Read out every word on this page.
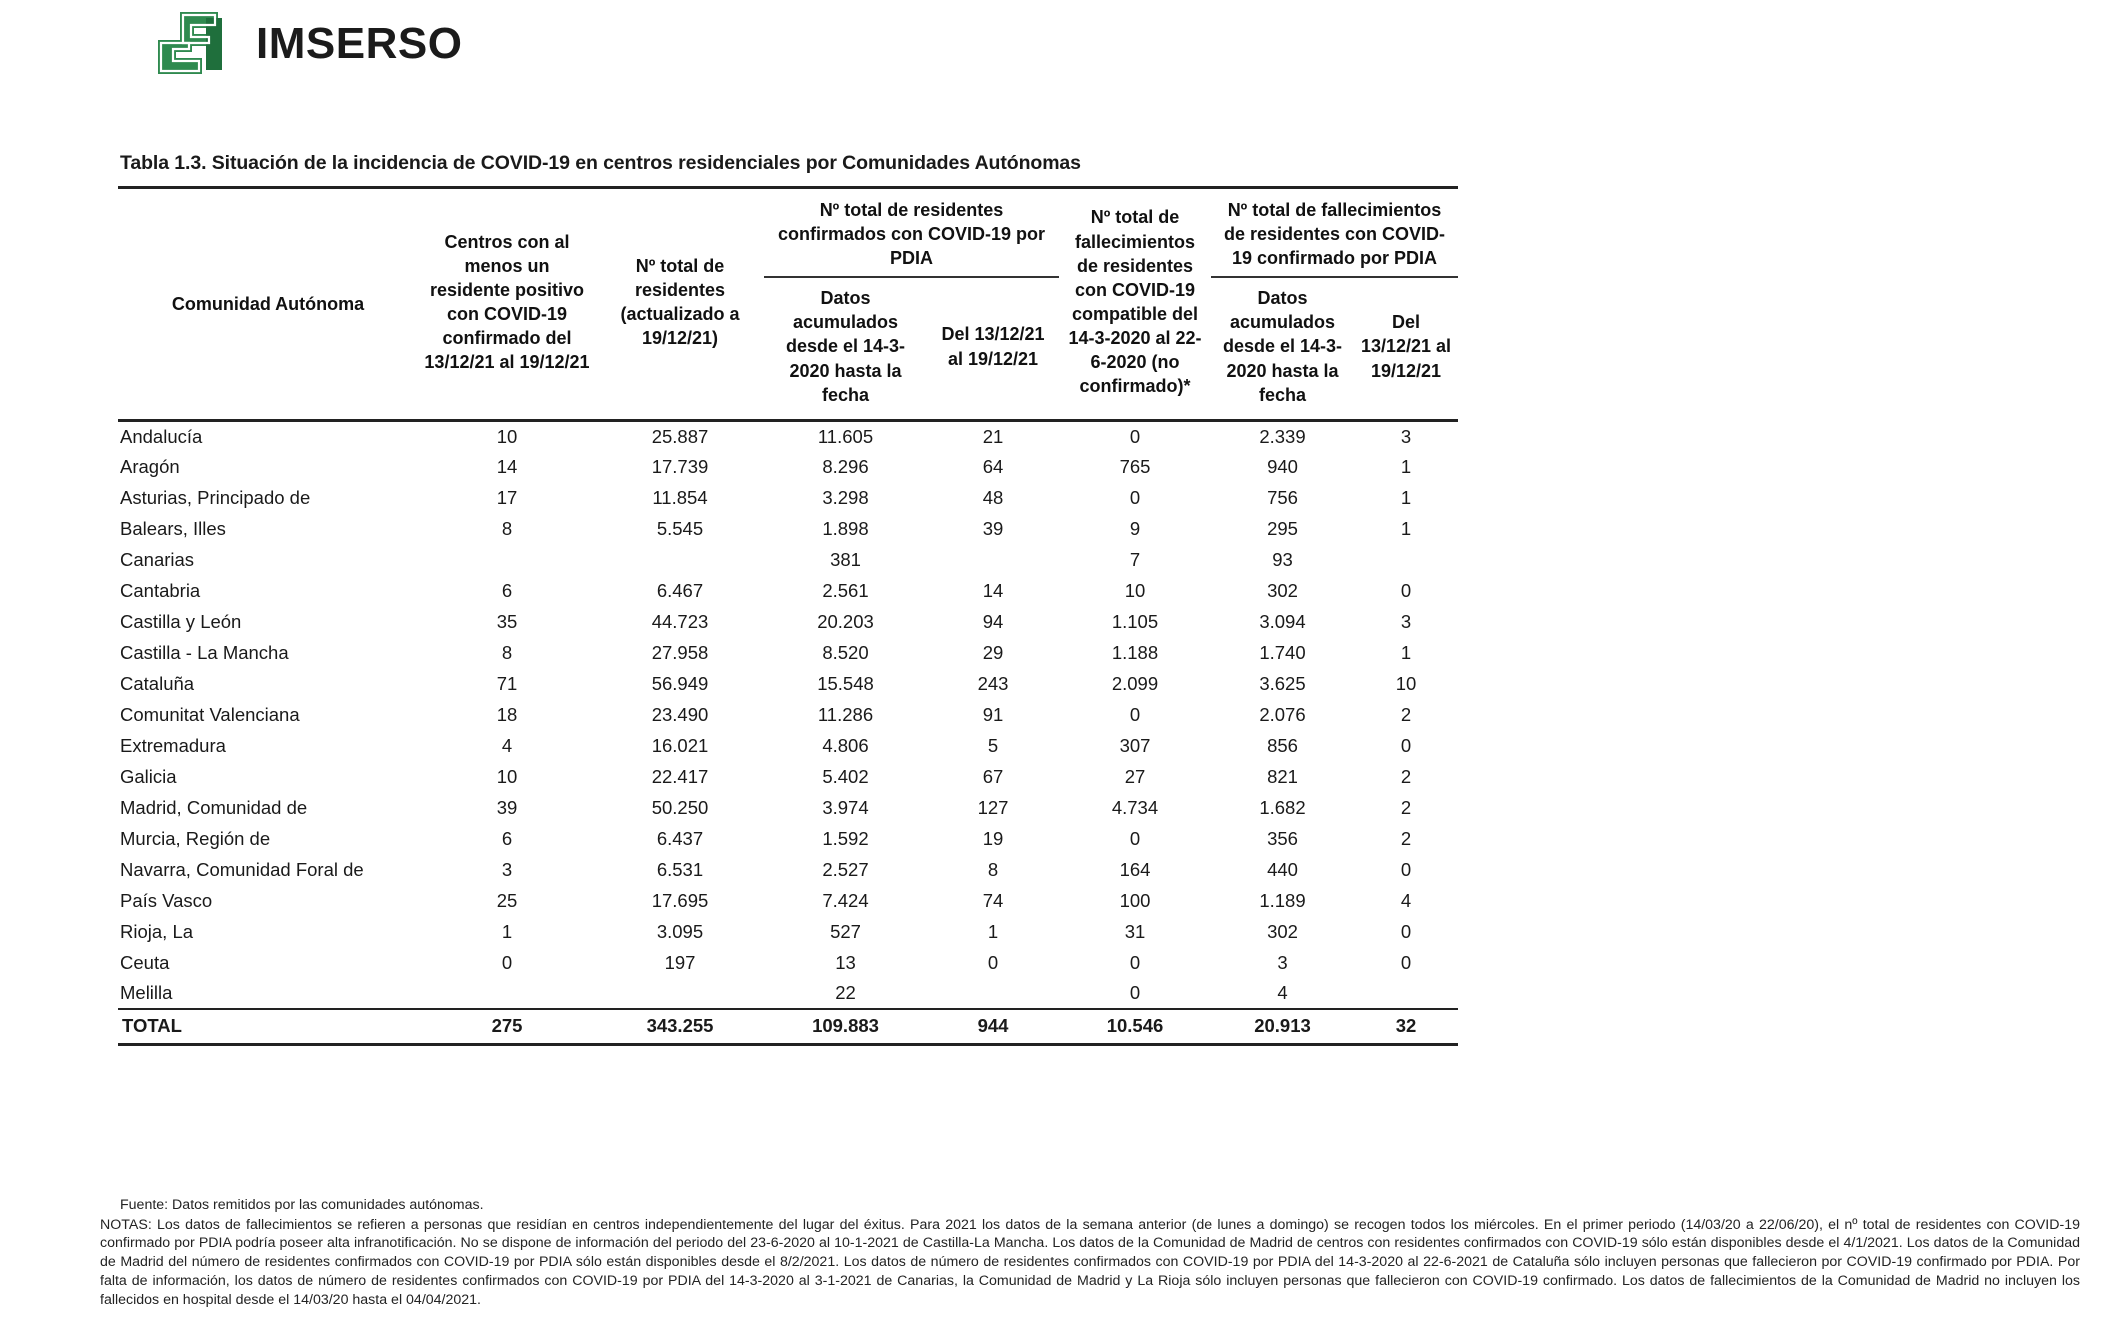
IMSERSO
Tabla 1.3. Situación de la incidencia de COVID-19 en centros residenciales por Comunidades Autónomas

Comunidad Autónoma	Centros con al menos un residente positivo con COVID-19 confirmado del 13/12/21 al 19/12/21	Nº total de residentes (actualizado a 19/12/21)	Nº total de residentes confirmados con COVID-19 por PDIA		Nº total de fallecimientos de residentes con COVID-19 compatible del 14-3-2020 al 22-6-2020 (no confirmado)*	Nº total de fallecimientos de residentes con COVID-19 confirmado por PDIA	
			Datos acumulados desde el 14-3-2020 hasta la fecha	Del 13/12/21 al 19/12/21		Datos acumulados desde el 14-3-2020 hasta la fecha	Del 13/12/21 al 19/12/21

Andalucía	10	25.887	11.605	21	0	2.339	3
Aragón	14	17.739	8.296	64	765	940	1
Asturias, Principado de	17	11.854	3.298	48	0	756	1
Balears, Illes	8	5.545	1.898	39	9	295	1
Canarias			381		7	93	
Cantabria	6	6.467	2.561	14	10	302	0
Castilla y León	35	44.723	20.203	94	1.105	3.094	3
Castilla - La Mancha	8	27.958	8.520	29	1.188	1.740	1
Cataluña	71	56.949	15.548	243	2.099	3.625	10
Comunitat Valenciana	18	23.490	11.286	91	0	2.076	2
Extremadura	4	16.021	4.806	5	307	856	0
Galicia	10	22.417	5.402	67	27	821	2
Madrid, Comunidad de	39	50.250	3.974	127	4.734	1.682	2
Murcia, Región de	6	6.437	1.592	19	0	356	2
Navarra, Comunidad Foral de	3	6.531	2.527	8	164	440	0
País Vasco	25	17.695	7.424	74	100	1.189	4
Rioja, La	1	3.095	527	1	31	302	0
Ceuta	0	197	13	0	0	3	0
Melilla			22		0	4	
TOTAL	275	343.255	109.883	944	10.546	20.913	32
Fuente: Datos remitidos por las comunidades autónomas.
NOTAS: Los datos de fallecimientos se refieren a personas que residían en centros independientemente del lugar del éxitus. Para 2021 los datos de la semana anterior (de lunes a domingo) se recogen todos los miércoles. En el primer periodo (14/03/20 a 22/06/20), el nº total de residentes con COVID-19 confirmado por PDIA podría poseer alta infranotificación. No se dispone de información del periodo del 23-6-2020 al 10-1-2021 de Castilla-La Mancha. Los datos de la Comunidad de Madrid de centros con residentes confirmados con COVID-19 sólo están disponibles desde el 4/1/2021. Los datos de la Comunidad de Madrid del número de residentes confirmados con COVID-19 por PDIA sólo están disponibles desde el 8/2/2021. Los datos de número de residentes confirmados con COVID-19 por PDIA del 14-3-2020 al 22-6-2021 de Cataluña sólo incluyen personas que fallecieron por COVID-19 confirmado por PDIA. Por falta de información, los datos de número de residentes confirmados con COVID-19 por PDIA del 14-3-2020 al 3-1-2021 de Canarias, la Comunidad de Madrid y La Rioja sólo incluyen personas que fallecieron con COVID-19 confirmado. Los datos de fallecimientos de la Comunidad de Madrid no incluyen los fallecidos en hospital desde el 14/03/20 hasta el 04/04/2021.
